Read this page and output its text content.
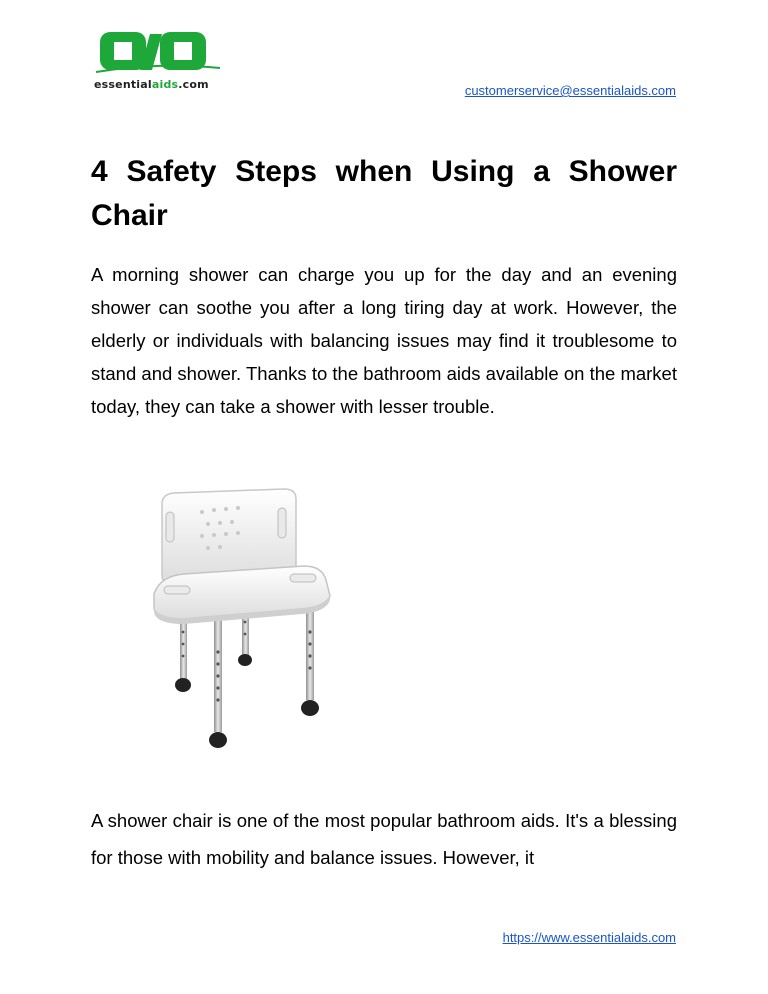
essentialaids.com	customerservice@essentialaids.com
4 Safety Steps when Using a Shower Chair

A morning shower can charge you up for the day and an evening shower can soothe you after a long tiring day at work. However, the elderly or individuals with balancing issues may find it troublesome to stand and shower. Thanks to the bathroom aids available on the market today, they can take a shower with lesser trouble.

A shower chair is one of the most popular bathroom aids. It's a blessing for those with mobility and balance issues. However, it

https://www.essentialaids.com
